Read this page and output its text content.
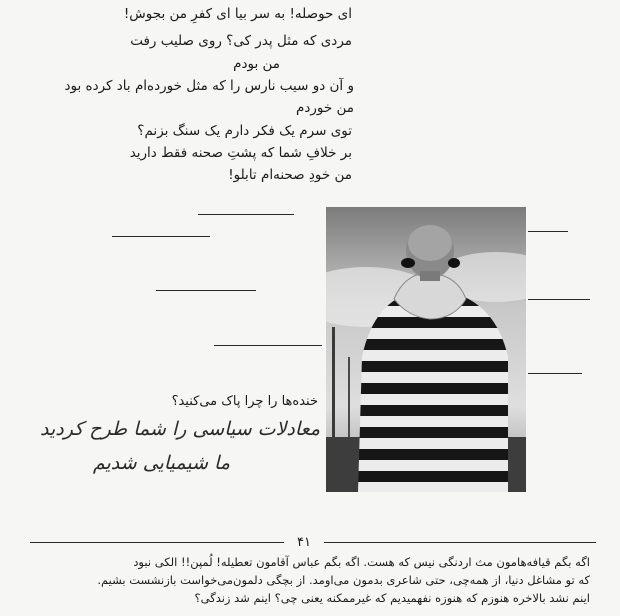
ای حوصله! به سر بیا ای کفرِ من بجوش!
مردی که مثل پدر کی؟ روی صلیب رفت
من بودم
و آن دو سیب نارس را که مثل خورده‌ام باد کرده بود
من خوردم
توی سرم یک فکر دارم یک سنگ بزنم؟
بر خلافِ شما که پشتِ صحنه فقط دارید
من خودِ صحنه‌ام تابلو!
خنده‌ها را چرا پاک می‌کنید؟
معادلات سیاسی را شما طرح کردید
ما شیمیایی شدیم
۴۱
اگه بگم قیافه‌هامون مث اردنگی نیس که هست. اگه بگم عباس آقامون تعطیله! لُمپن!! الکی نبود
که تو مشاغل دنیا، از همه‌چی، حتی شاعری بدمون می‌اومد. از بچگی دلمون‌می‌خواست بازنشست بشیم.
اینم نشد بالاخره هنوزم که هنوزه نفهمیدیم که غیرممکنه یعنی چی؟ اینم شد زندگی؟
